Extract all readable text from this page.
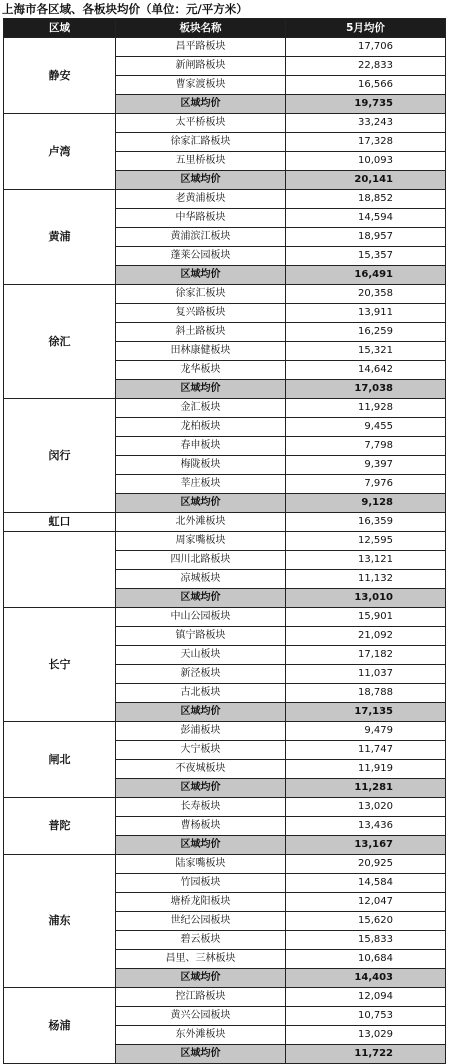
上海市各区域、各板块均价（单位：元/平方米）
区域	板块名称	5月均价
静安	昌平路板块	17,706
	新闸路板块	22,833
	曹家渡板块	16,566
	区域均价	19,735
卢湾	太平桥板块	33,243
	徐家汇路板块	17,328
	五里桥板块	10,093
	区域均价	20,141
黄浦	老黄浦板块	18,852
	中华路板块	14,594
	黄浦滨江板块	18,957
	蓬莱公园板块	15,357
	区域均价	16,491
徐汇	徐家汇板块	20,358
	复兴路板块	13,911
	斜土路板块	16,259
	田林康健板块	15,321
	龙华板块	14,642
	区域均价	17,038
闵行	金汇板块	11,928
	龙柏板块	9,455
	春申板块	7,798
	梅陇板块	9,397
	莘庄板块	7,976
	区域均价	9,128
虹口	北外滩板块	16,359
	周家嘴板块	12,595
	四川北路板块	13,121
	凉城板块	11,132
	区域均价	13,010
长宁	中山公园板块	15,901
	镇宁路板块	21,092
	天山板块	17,182
	新泾板块	11,037
	古北板块	18,788
	区域均价	17,135
闸北	彭浦板块	9,479
	大宁板块	11,747
	不夜城板块	11,919
	区域均价	11,281
普陀	长寿板块	13,020
	曹杨板块	13,436
	区域均价	13,167
浦东	陆家嘴板块	20,925
	竹园板块	14,584
	塘桥龙阳板块	12,047
	世纪公园板块	15,620
	碧云板块	15,833
	昌里、三林板块	10,684
	区域均价	14,403
杨浦	控江路板块	12,094
	黄兴公园板块	10,753
	东外滩板块	13,029
	区域均价	11,722
